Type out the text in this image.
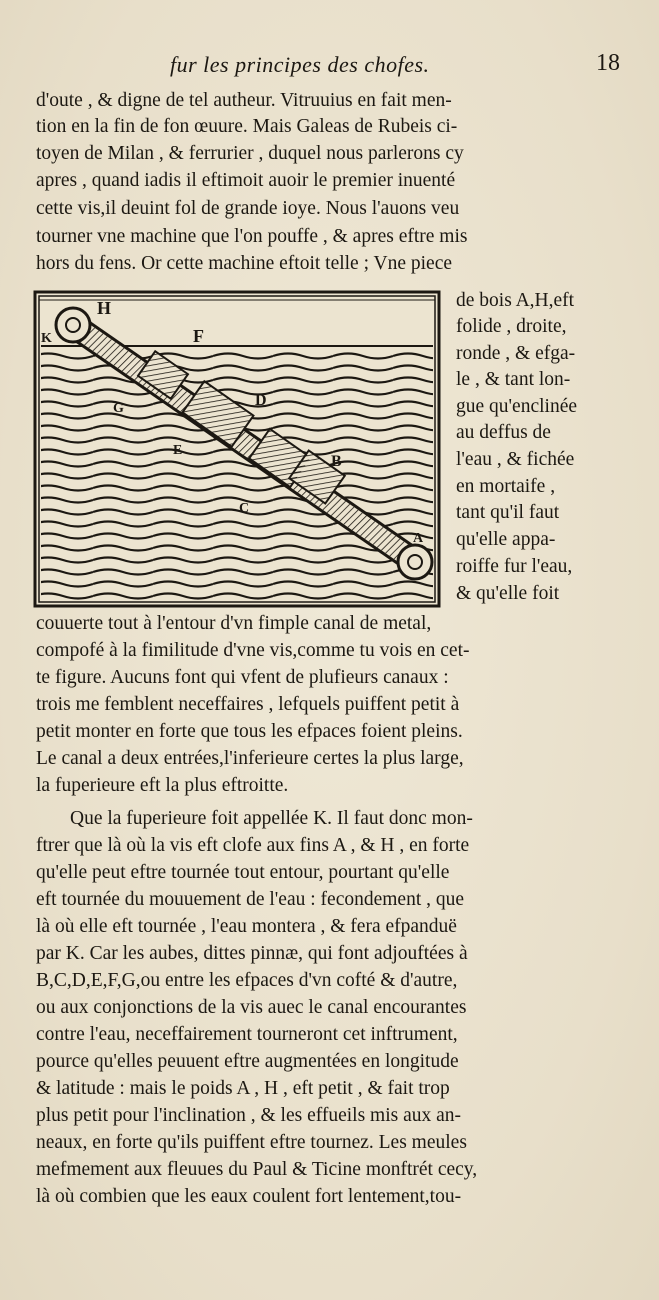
fur les principes des chofes.	18
d'oute , & digne de tel autheur. Vitruuius en fait men-
tion en la fin de fon œuure. Mais Galeas de Rubeis ci-
toyen de Milan , & ferrurier , duquel nous parlerons cy
apres , quand iadis il eftimoit auoir le premier inuenté
cette vis,il deuint fol de grande ioye. Nous l'auons veu
tourner vne machine que l'on pouffe , & apres eftre mis
hors du fens. Or cette machine eftoit telle ; Vne piece
H
K	F
G	D
E
B
C
A
de bois A,H,eft
folide , droite,
ronde , & efga-
le , & tant lon-
gue qu'enclinée
au deffus de
l'eau , & fichée
en mortaife ,
tant qu'il faut
qu'elle appa-
roiffe fur l'eau,
& qu'elle foit
couuerte tout à l'entour d'vn fimple canal de metal,
compofé à la fimilitude d'vne vis,comme tu vois en cet-
te figure. Aucuns font qui vfent de plufieurs canaux :
trois me femblent neceffaires , lefquels puiffent petit à
petit monter en forte que tous les efpaces foient pleins.
Le canal a deux entrées,l'inferieure certes la plus large,
la fuperieure eft la plus eftroitte.
Que la fuperieure foit appellée K. Il faut donc mon-
ftrer que là où la vis eft clofe aux fins A , & H , en forte
qu'elle peut eftre tournée tout entour, pourtant qu'elle
eft tournée du mouuement de l'eau : fecondement , que
là où elle eft tournée , l'eau montera , & fera efpanduë
par K. Car les aubes, dittes pinnæ, qui font adjouftées à
B,C,D,E,F,G,ou entre les efpaces d'vn cofté & d'autre,
ou aux conjonctions de la vis auec le canal encourantes
contre l'eau, neceffairement tourneront cet inftrument,
pource qu'elles peuuent eftre augmentées en longitude
& latitude : mais le poids A , H , eft petit , & fait trop
plus petit pour l'inclination , & les effueils mis aux an-
neaux, en forte qu'ils puiffent eftre tournez. Les meules
mefmement aux fleuues du Paul & Ticine monftrét cecy,
là où combien que les eaux coulent fort lentement,tou-
